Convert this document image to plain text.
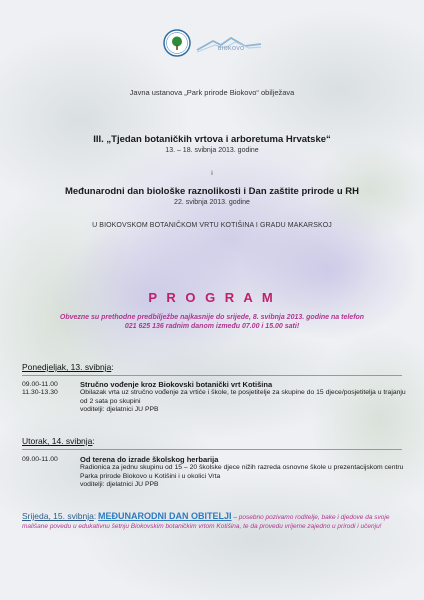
BIOKOVO
Javna ustanova „Park prirode Biokovo“ obilježava
III. „Tjedan botaničkih vrtova i arboretuma Hrvatske“
13. – 18. svibnja 2013. godine
i
Međunarodni dan biološke raznolikosti i Dan zaštite prirode u RH
22. svibnja 2013. godine
U BIOKOVSKOM BOTANIČKOM VRTU KOTIŠINA I GRADU MAKARSKOJ
P R O G R A M
Obvezne su prethodne predbilježbe najkasnije do srijede, 8. svibnja 2013. godine na telefon
021 625 136 radnim danom između 07.00 i 15.00 sati!
Ponedjeljak, 13. svibnja:
09.00-11.00
11.30-13.30
Stručno vođenje kroz Biokovski botanički vrt Kotišina
Obilazak vrta uz stručno vođenje za vrtiće i škole, te posjetitelje za skupine do 15 djece/posjetitelja u trajanju od 2 sata po skupini
voditelji: djelatnici JU PPB
Utorak, 14. svibnja:
09.00-11.00	Od terena do izrade školskog herbarija
Radionica za jednu skupinu od 15 – 20 školske djece nižih razreda osnovne škole u prezentacijskom centru Parka prirode Biokovo u Kotišini i u okolici Vrta
voditelji: djelatnici JU PPB
Srijeda, 15. svibnja: MEĐUNARODNI DAN OBITELJI – posebno pozivamo roditelje, bake i djedove da svoje mališane povedu u edukativnu šetnju Biokovskim botaničkim vrtom Kotišina, te da provedu vrijeme zajedno u prirodi i učenju!
